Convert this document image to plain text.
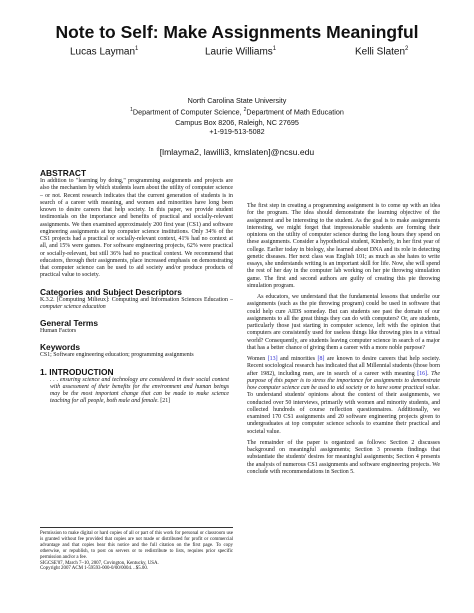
Note to Self: Make Assignments Meaningful
Lucas Layman$^1$	Laurie Williams$^1$	Kelli Slaten$^2$
North Carolina State University
$^1$Department of Computer Science, $^2$Department of Math Education
Campus Box 8206, Raleigh, NC 27695
+1-919-513-5082
[lmlayma2, lawilli3, kmslaten]@ncsu.edu
ABSTRACT

In addition to "learning by doing," programming assignments and projects are also the mechanism by which students learn about the utility of computer science – or not. Recent research indicates that the current generation of students is in search of a career with meaning, and women and minorities have long been known to desire careers that help society. In this paper, we provide student testimonials on the importance and benefits of practical and socially-relevant assignments. We then examined approximately 200 first year (CS1) and software engineering assignments at top computer science institutions. Only 34% of the CS1 projects had a practical or socially-relevant context, 41% had no context at all, and 15% were games. For software engineering projects, 62% were practical or socially-relevant, but still 36% had no practical context. We recommend that educators, through their assignments, place increased emphasis on demonstrating that computer science can be used to aid society and/or produce products of practical value to society.

Categories and Subject Descriptors

K.3.2. [Computing Milieux]: Computing and Information Sciences Education – computer science education

General Terms

Human Factors

Keywords

CS1; Software engineering education; programming assignments

1. INTRODUCTION

. . . ensuring science and technology are considered in their social context with assessment of their benefits for the environment and human beings may be the most important change that can be made to make science teaching for all people, both male and female. [21]

Permission to make digital or hard copies of all or part of this work for personal or classroom use is granted without fee provided that copies are not made or distributed for profit or commercial advantage and that copies bear this notice and the full citation on the first page. To copy otherwise, or republish, to post on servers or to redistribute to lists, requires prior specific permission and/or a fee.
SIGCSE'07, March 7–10, 2007, Covington, Kentucky, USA.
Copyright 2007 ACM 1-59593-000-0/00/0004…$5.00.

The first step in creating a programming assignment is to come up with an idea for the program. The idea should demonstrate the learning objective of the assignment and be interesting to the student. As the goal is to make assignments interesting, we might forget that impressionable students are forming their opinions on the utility of computer science during the long hours they spend on these assignments. Consider a hypothetical student, Kimberly, in her first year of college. Earlier today in biology, she learned about DNA and its role in detecting genetic diseases. Her next class was English 101; as much as she hates to write essays, she understands writing is an important skill for life. Now, she will spend the rest of her day in the computer lab working on her pie throwing simulation game. The first and second authors are guilty of creating this pie throwing simulation program.

As educators, we understand that the fundamental lessons that underlie our assignments (such as the pie throwing program) could be used in software that could help cure AIDS someday. But can students see past the domain of our assignments to all the great things they can do with computers? Or, are students, particularly those just starting in computer science, left with the opinion that computers are consistently used for useless things like throwing pies in a virtual world? Consequently, are students leaving computer science in search of a major that has a better chance of giving them a career with a more noble purpose?

Women [13] and minorities [8] are known to desire careers that help society. Recent sociological research has indicated that all Millennial students (those born after 1982), including men, are in search of a career with meaning [16]. The purpose of this paper is to stress the importance for assignments to demonstrate how computer science can be used to aid society or to have some practical value. To understand students' opinions about the context of their assignments, we conducted over 50 interviews, primarily with women and minority students, and collected hundreds of course reflection questionnaires. Additionally, we examined 170 CS1 assignments and 20 software engineering projects given to undergraduates at top computer science schools to examine their practical and societal value.

The remainder of the paper is organized as follows: Section 2 discusses background on meaningful assignments; Section 3 presents findings that substantiate the students' desires for meaningful assignments; Section 4 presents the analysis of numerous CS1 assignments and software engineering projects. We conclude with recommendations in Section 5.
